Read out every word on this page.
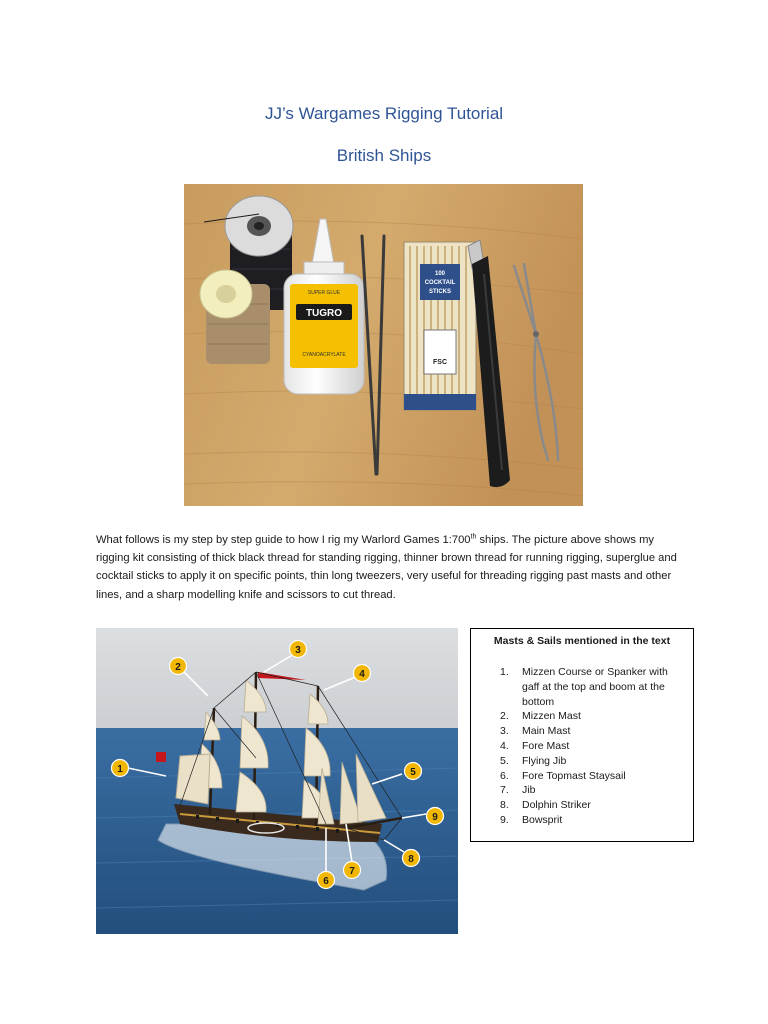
JJ’s Wargames Rigging Tutorial
British Ships
SUPER GLUE
TUGRO
CYANOACRYLATE
100
COCKTAIL
STICKS
FSC
What follows is my step by step guide to how I rig my Warlord Games 1:700th ships. The picture above shows my rigging kit consisting of thick black thread for standing rigging, thinner brown thread for running rigging, superglue and cocktail sticks to apply it on specific points, thin long tweezers, very useful for threading rigging past masts and other lines, and a sharp modelling knife and scissors to cut thread.
1
2
3
4
5
6
7
8
9
Masts & Sails mentioned in the text
1. Mizzen Course or Spanker with gaff at the top and boom at the bottom
2. Mizzen Mast
3. Main Mast
4. Fore Mast
5. Flying Jib
6. Fore Topmast Staysail
7. Jib
8. Dolphin Striker
9. Bowsprit
